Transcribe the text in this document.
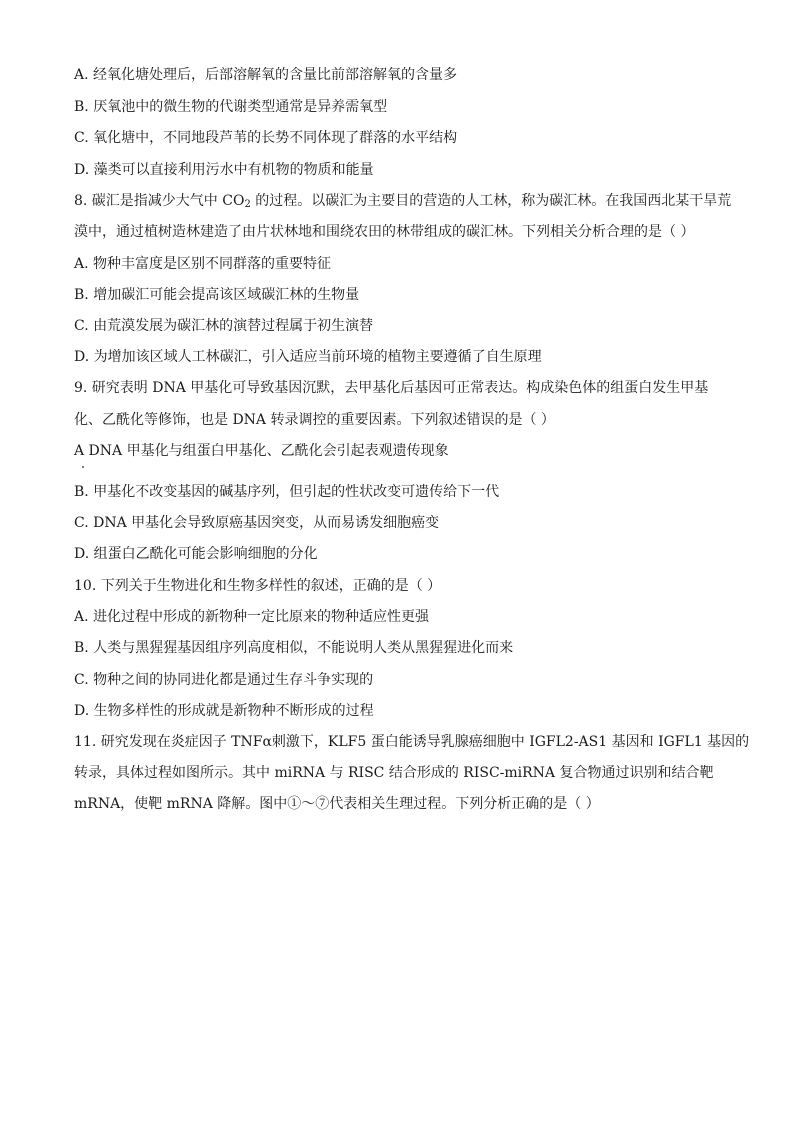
A. 经氧化塘处理后，后部溶解氧的含量比前部溶解氧的含量多
B. 厌氧池中的微生物的代谢类型通常是异养需氧型
C. 氧化塘中，不同地段芦苇的长势不同体现了群落的水平结构
D. 藻类可以直接利用污水中有机物的物质和能量
8. 碳汇是指减少大气中 $CO_2$ 的过程。以碳汇为主要目的营造的人工林，称为碳汇林。在我国西北某干旱荒
漠中，通过植树造林建造了由片状林地和围绕农田的林带组成的碳汇林。下列相关分析合理的是（ ）
A. 物种丰富度是区别不同群落的重要特征
B. 增加碳汇可能会提高该区域碳汇林的生物量
C. 由荒漠发展为碳汇林的演替过程属于初生演替
D. 为增加该区域人工林碳汇，引入适应当前环境的植物主要遵循了自生原理
9. 研究表明 DNA 甲基化可导致基因沉默，去甲基化后基因可正常表达。构成染色体的组蛋白发生甲基
化、乙酰化等修饰，也是 DNA 转录调控的重要因素。下列叙述错误的是（ ）
A DNA 甲基化与组蛋白甲基化、乙酰化会引起表观遗传现象
B. 甲基化不改变基因的碱基序列，但引起的性状改变可遗传给下一代
C. DNA 甲基化会导致原癌基因突变，从而易诱发细胞癌变
D. 组蛋白乙酰化可能会影响细胞的分化
10. 下列关于生物进化和生物多样性的叙述，正确的是（ ）
A. 进化过程中形成的新物种一定比原来的物种适应性更强
B. 人类与黑猩猩基因组序列高度相似，不能说明人类从黑猩猩进化而来
C. 物种之间的协同进化都是通过生存斗争实现的
D. 生物多样性的形成就是新物种不断形成的过程
11. 研究发现在炎症因子 TNFα刺激下，KLF5 蛋白能诱导乳腺癌细胞中 IGFL2-AS1 基因和 IGFL1 基因的
转录，具体过程如图所示。其中 miRNA 与 RISC 结合形成的 RISC-miRNA 复合物通过识别和结合靶
mRNA，使靶 mRNA 降解。图中①～⑦代表相关生理过程。下列分析正确的是（ ）
